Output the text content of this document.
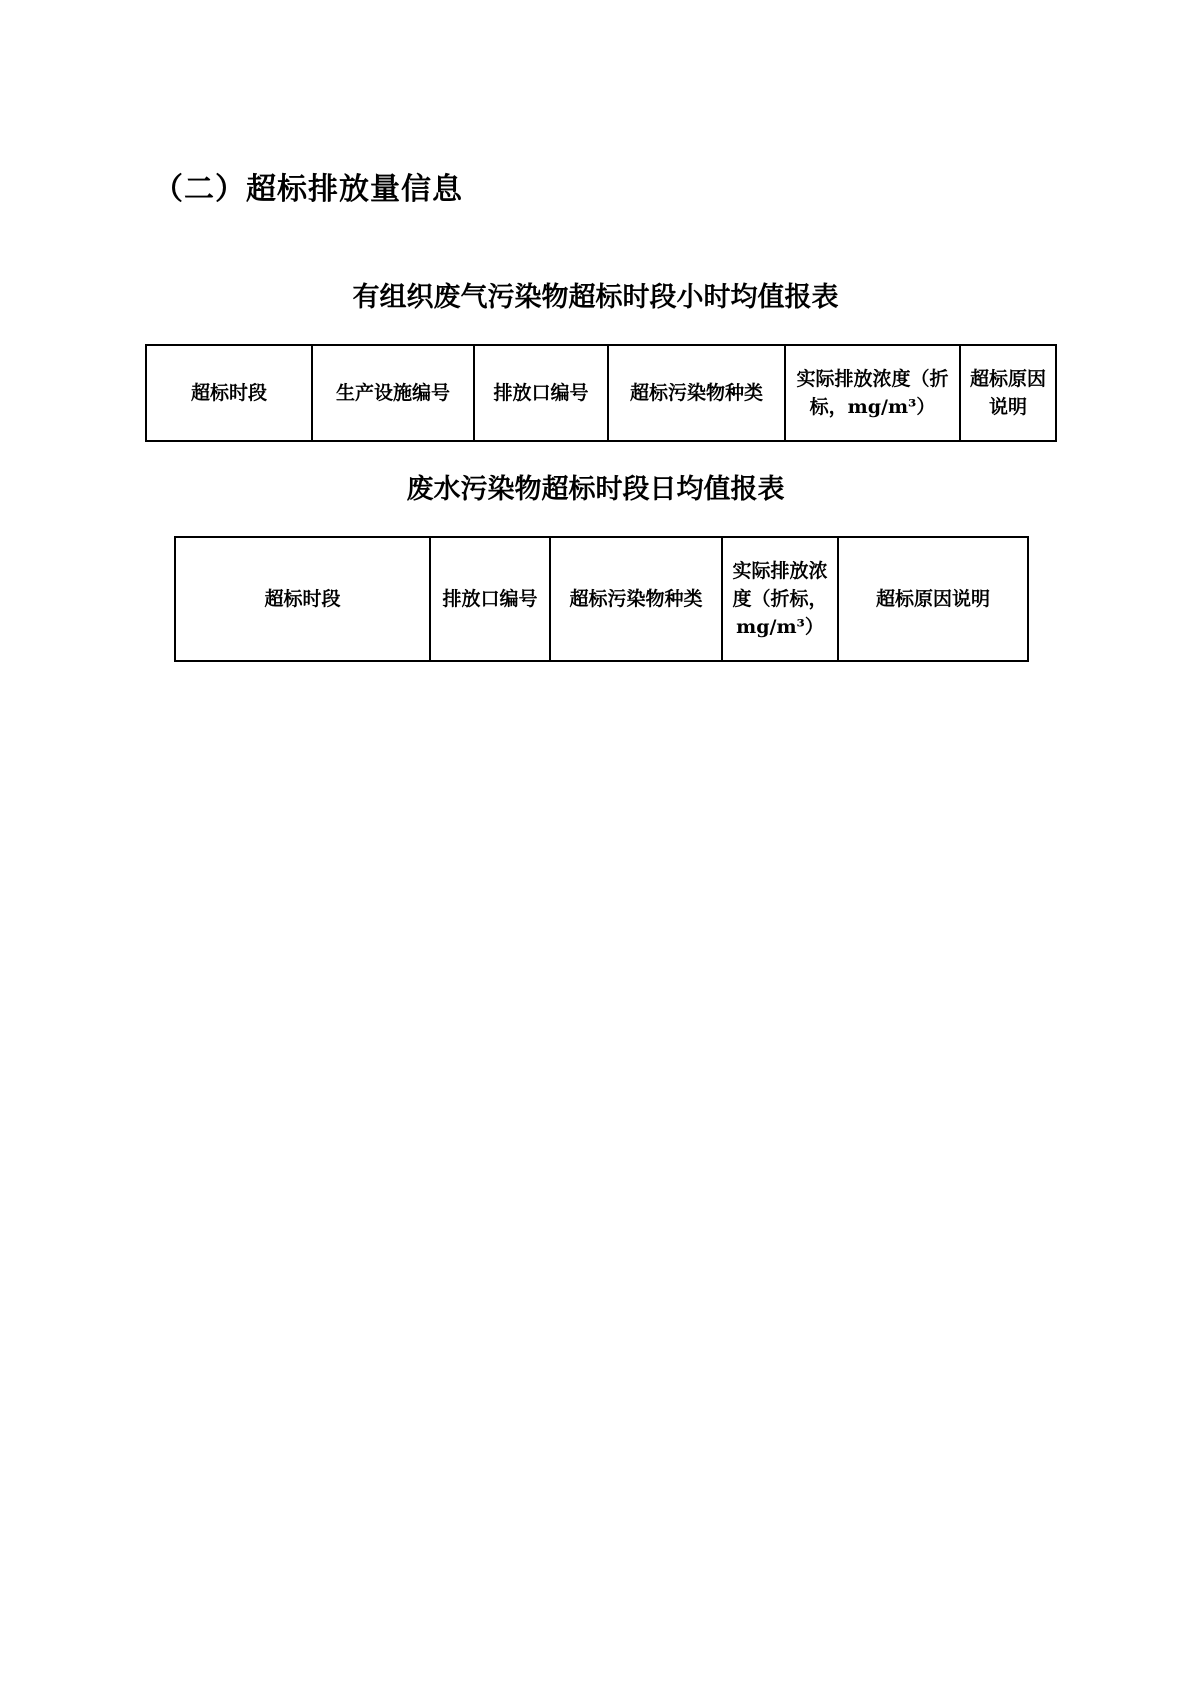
（二）超标排放量信息
有组织废气污染物超标时段小时均值报表
超标时段	生产设施编号	排放口编号	超标污染物种类	实际排放浓度（折标，mg/m³）	超标原因说明
废水污染物超标时段日均值报表
超标时段	排放口编号	超标污染物种类	实际排放浓度（折标，mg/m³）	超标原因说明
